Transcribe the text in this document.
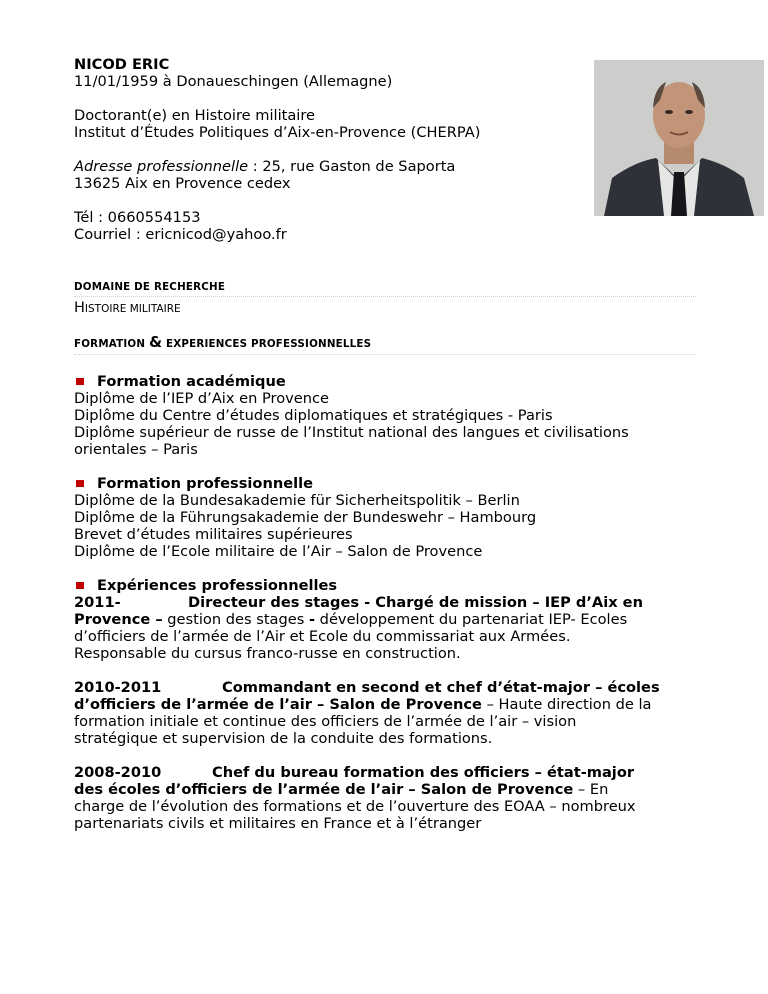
NICOD ERIC
11/01/1959 à Donaueschingen (Allemagne)
Doctorant(e) en Histoire militaire
Institut d’Études Politiques d’Aix-en-Provence (CHERPA)
Adresse professionnelle : 25, rue Gaston de Saporta
13625 Aix en Provence cedex
Tél : 0660554153
Courriel : ericnicod@yahoo.fr
DOMAINE DE RECHERCHE
HISTOIRE MILITAIRE
FORMATION & EXPERIENCES PROFESSIONNELLES
Formation académique
Diplôme de l’IEP d’Aix en Provence
Diplôme du Centre d’études diplomatiques et stratégiques - Paris
Diplôme supérieur de russe de l’Institut national des langues et civilisations
orientales – Paris
Formation professionnelle
Diplôme de la Bundesakademie für Sicherheitspolitik – Berlin
Diplôme de la Führungsakademie der Bundeswehr – Hambourg
Brevet d’études militaires supérieures
Diplôme de l’Ecole militaire de l’Air – Salon de Provence
Expériences professionnelles
2011-	Directeur des stages - Chargé de mission – IEP d’Aix en
Provence – gestion des stages - développement du partenariat IEP- Ecoles
d’officiers de l’armée de l’Air et Ecole du commissariat aux Armées.
Responsable du cursus franco-russe en construction.
2010-2011	Commandant en second et chef d’état-major – écoles
d’officiers de l’armée de l’air – Salon de Provence – Haute direction de la
formation initiale et continue des officiers de l’armée de l’air – vision
stratégique et supervision de la conduite des formations.
2008-2010	Chef du bureau formation des officiers – état-major
des écoles d’officiers de l’armée de l’air – Salon de Provence – En
charge de l’évolution des formations et de l’ouverture des EOAA – nombreux
partenariats civils et militaires en France et à l’étranger
